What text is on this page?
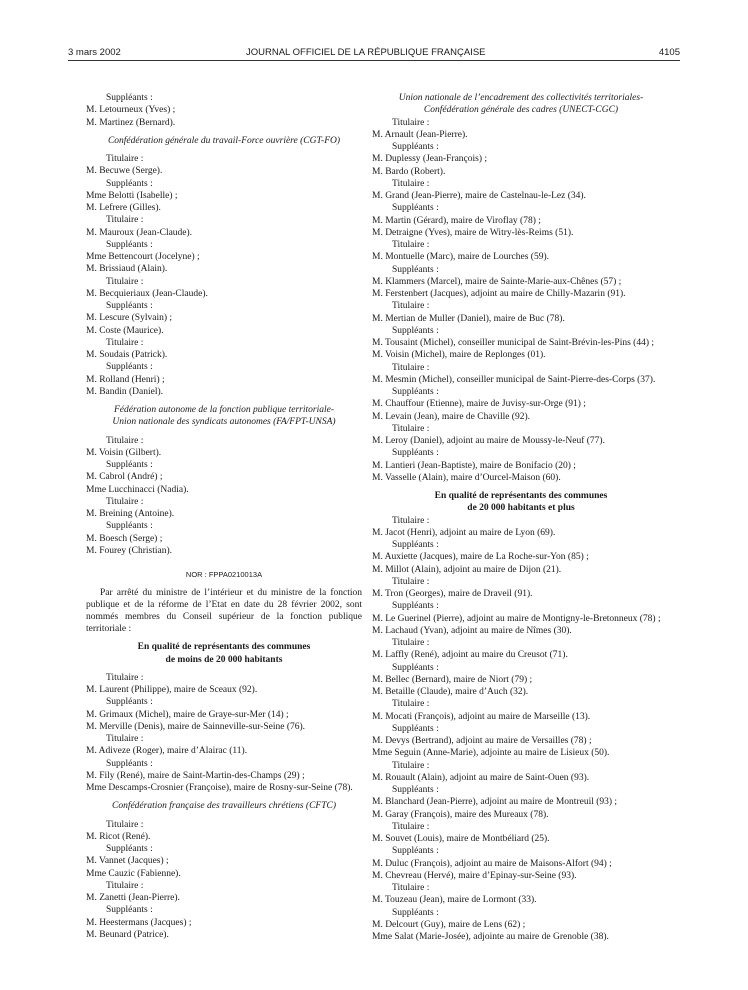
3 mars 2002	JOURNAL OFFICIEL DE LA RÉPUBLIQUE FRANÇAISE	4105
Suppléants :
M. Letourneux (Yves) ;
M. Martinez (Bernard).
Confédération générale du travail-Force ouvrière (CGT-FO)
Titulaire :
M. Becuwe (Serge).
Suppléants :
Mme Belotti (Isabelle) ;
M. Lefrere (Gilles).
Titulaire :
M. Mauroux (Jean-Claude).
Suppléants :
Mme Bettencourt (Jocelyne) ;
M. Brissiaud (Alain).
Titulaire :
M. Becquieriaux (Jean-Claude).
Suppléants :
M. Lescure (Sylvain) ;
M. Coste (Maurice).
Titulaire :
M. Soudais (Patrick).
Suppléants :
M. Rolland (Henri) ;
M. Bandin (Daniel).
Fédération autonome de la fonction publique territoriale-
Union nationale des syndicats autonomes (FA/FPT-UNSA)
Titulaire :
M. Voisin (Gilbert).
Suppléants :
M. Cabrol (André) ;
Mme Lucchinacci (Nadia).
Titulaire :
M. Breining (Antoine).
Suppléants :
M. Boesch (Serge) ;
M. Fourey (Christian).
NOR : FPPA0210013A
Par arrêté du ministre de l’intérieur et du ministre de la fonction publique et de la réforme de l’Etat en date du 28 février 2002, sont nommés membres du Conseil supérieur de la fonction publique territoriale :
En qualité de représentants des communes
de moins de 20 000 habitants
Titulaire :
M. Laurent (Philippe), maire de Sceaux (92).
Suppléants :
M. Grimaux (Michel), maire de Graye-sur-Mer (14) ;
M. Merville (Denis), maire de Sainneville-sur-Seine (76).
Titulaire :
M. Adiveze (Roger), maire d’Alairac (11).
Suppléants :
M. Fily (René), maire de Saint-Martin-des-Champs (29) ;
Mme Descamps-Crosnier (Françoise), maire de Rosny-sur-Seine (78).
Confédération française des travailleurs chrétiens (CFTC)
Titulaire :
M. Ricot (René).
Suppléants :
M. Vannet (Jacques) ;
Mme Cauzic (Fabienne).
Titulaire :
M. Zanetti (Jean-Pierre).
Suppléants :
M. Heestermans (Jacques) ;
M. Beunard (Patrice).
Union nationale de l’encadrement des collectivités territoriales-
Confédération générale des cadres (UNECT-CGC)
Titulaire :
M. Arnault (Jean-Pierre).
Suppléants :
M. Duplessy (Jean-François) ;
M. Bardo (Robert).
Titulaire :
M. Grand (Jean-Pierre), maire de Castelnau-le-Lez (34).
Suppléants :
M. Martin (Gérard), maire de Viroflay (78) ;
M. Detraigne (Yves), maire de Witry-lès-Reims (51).
Titulaire :
M. Montuelle (Marc), maire de Lourches (59).
Suppléants :
M. Klammers (Marcel), maire de Sainte-Marie-aux-Chênes (57) ;
M. Ferstenbert (Jacques), adjoint au maire de Chilly-Mazarin (91).
Titulaire :
M. Mertian de Muller (Daniel), maire de Buc (78).
Suppléants :
M. Tousaint (Michel), conseiller municipal de Saint-Brévin-les-Pins (44) ;
M. Voisin (Michel), maire de Replonges (01).
Titulaire :
M. Mesmin (Michel), conseiller municipal de Saint-Pierre-des-Corps (37).
Suppléants :
M. Chauffour (Etienne), maire de Juvisy-sur-Orge (91) ;
M. Levain (Jean), maire de Chaville (92).
Titulaire :
M. Leroy (Daniel), adjoint au maire de Moussy-le-Neuf (77).
Suppléants :
M. Lantieri (Jean-Baptiste), maire de Bonifacio (20) ;
M. Vasselle (Alain), maire d’Ourcel-Maison (60).
En qualité de représentants des communes
de 20 000 habitants et plus
Titulaire :
M. Jacot (Henri), adjoint au maire de Lyon (69).
Suppléants :
M. Auxiette (Jacques), maire de La Roche-sur-Yon (85) ;
M. Millot (Alain), adjoint au maire de Dijon (21).
Titulaire :
M. Tron (Georges), maire de Draveil (91).
Suppléants :
M. Le Guerinel (Pierre), adjoint au maire de Montigny-le-Bretonneux (78) ;
M. Lachaud (Yvan), adjoint au maire de Nîmes (30).
Titulaire :
M. Laffly (René), adjoint au maire du Creusot (71).
Suppléants :
M. Bellec (Bernard), maire de Niort (79) ;
M. Betaille (Claude), maire d’Auch (32).
Titulaire :
M. Mocati (François), adjoint au maire de Marseille (13).
Suppléants :
M. Devys (Bertrand), adjoint au maire de Versailles (78) ;
Mme Seguin (Anne-Marie), adjointe au maire de Lisieux (50).
Titulaire :
M. Rouault (Alain), adjoint au maire de Saint-Ouen (93).
Suppléants :
M. Blanchard (Jean-Pierre), adjoint au maire de Montreuil (93) ;
M. Garay (François), maire des Mureaux (78).
Titulaire :
M. Souvet (Louis), maire de Montbéliard (25).
Suppléants :
M. Duluc (François), adjoint au maire de Maisons-Alfort (94) ;
M. Chevreau (Hervé), maire d’Epinay-sur-Seine (93).
Titulaire :
M. Touzeau (Jean), maire de Lormont (33).
Suppléants :
M. Delcourt (Guy), maire de Lens (62) ;
Mme Salat (Marie-Josée), adjointe au maire de Grenoble (38).
